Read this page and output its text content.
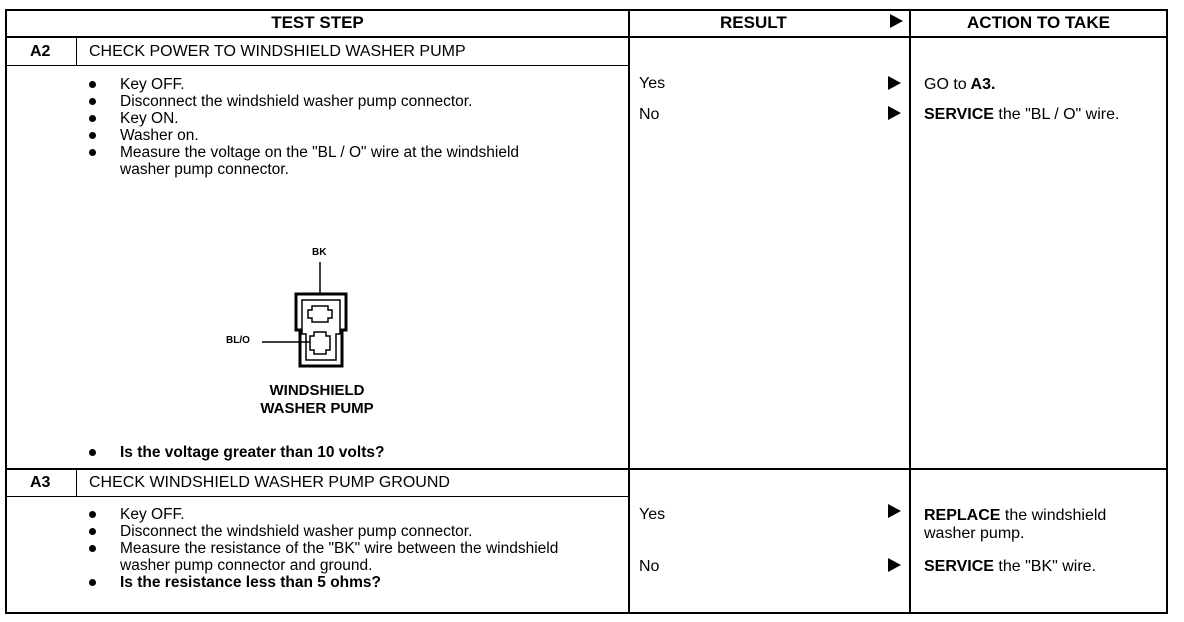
TEST STEP	RESULT	ACTION TO TAKE
A2 CHECK POWER TO WINDSHIELD WASHER PUMP
Key OFF.
Disconnect the windshield washer pump connector.
Key ON.
Washer on.
Measure the voltage on the "BL / O" wire at the windshield washer pump connector.
BK
BL/O
WINDSHIELD
WASHER PUMP
Is the voltage greater than 10 volts?
Yes
No
GO to A3.
SERVICE the "BL / O" wire.
A3 CHECK WINDSHIELD WASHER PUMP GROUND
Key OFF.
Disconnect the windshield washer pump connector.
Measure the resistance of the "BK" wire between the windshield washer pump connector and ground.
Is the resistance less than 5 ohms?
Yes
No
REPLACE the windshield washer pump.
SERVICE the "BK" wire.
